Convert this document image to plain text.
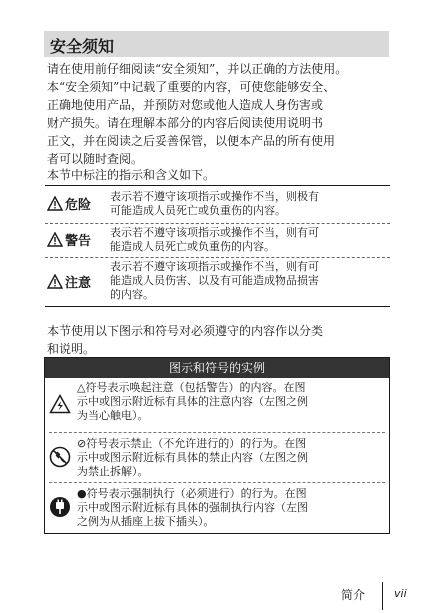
安全须知
请在使用前仔细阅读“安全须知”，并以正确的方法使用。
本“安全须知”中记载了重要的内容，可使您能够安全、
正确地使用产品，并预防对您或他人造成人身伤害或
财产损失。请在理解本部分的内容后阅读使用说明书
正文，并在阅读之后妥善保管，以便本产品的所有使用
者可以随时查阅。
本节中标注的指示和含义如下。
危险
表示若不遵守该项指示或操作不当，则极有
可能造成人员死亡或负重伤的内容。
警告
表示若不遵守该项指示或操作不当，则有可
能造成人员死亡或负重伤的内容。
注意
表示若不遵守该项指示或操作不当，则有可
能造成人员伤害、以及有可能造成物品损害
的内容。
本节使用以下图示和符号对必须遵守的内容作以分类
和说明。
图示和符号的实例
△符号表示唤起注意（包括警告）的内容。在图
示中或图示附近标有具体的注意内容（左图之例
为当心触电）。
⊘符号表示禁止（不允许进行的）的行为。在图
示中或图示附近标有具体的禁止内容（左图之例
为禁止拆解）。
●符号表示强制执行（必须进行）的行为。在图
示中或图示附近标有具体的强制执行内容（左图
之例为从插座上拔下插头）。
简介	vii
